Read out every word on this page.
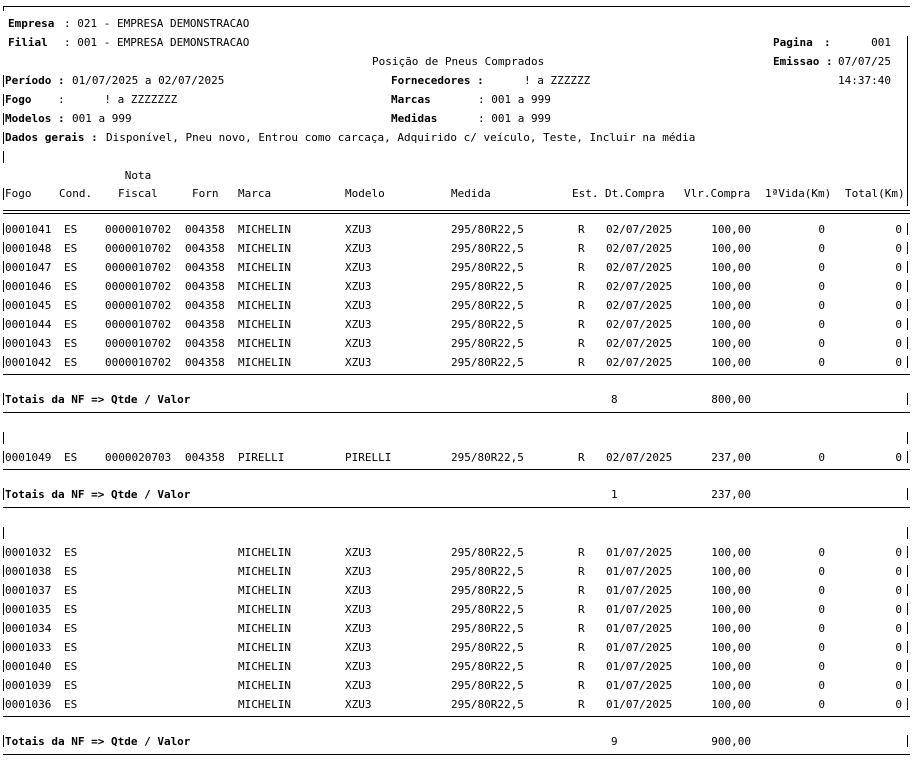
Empresa : 021 - EMPRESA DEMONSTRACAO
Filial : 001 - EMPRESA DEMONSTRACAO	Pagina :	001
Posição de Pneus Comprados	Emissao : 07/07/25
Período : 01/07/2025 a 02/07/2025	Fornecedores :	! a ZZZZZZ	14:37:40
Fogo :      ! a ZZZZZZZ	Marcas	: 001 a 999
Modelos : 001 a 999	Medidas	: 001 a 999
Dados gerais : Disponível, Pneu novo, Entrou como carcaça, Adquirido c/ veículo, Teste, Incluir na média
Nota
Fogo	Cond. Fiscal	Forn Marca	Modelo	Medida	Est. Dt.Compra Vlr.Compra 1ªVida(Km) Total(Km)
0001041 ES	0000010702 004358 MICHELIN	XZU3	295/80R22,5	R 02/07/2025	100,00	0	0
0001048 ES	0000010702 004358 MICHELIN	XZU3	295/80R22,5	R 02/07/2025	100,00	0	0
0001047 ES	0000010702 004358 MICHELIN	XZU3	295/80R22,5	R 02/07/2025	100,00	0	0
0001046 ES	0000010702 004358 MICHELIN	XZU3	295/80R22,5	R 02/07/2025	100,00	0	0
0001045 ES	0000010702 004358 MICHELIN	XZU3	295/80R22,5	R 02/07/2025	100,00	0	0
0001044 ES	0000010702 004358 MICHELIN	XZU3	295/80R22,5	R 02/07/2025	100,00	0	0
0001043 ES	0000010702 004358 MICHELIN	XZU3	295/80R22,5	R 02/07/2025	100,00	0	0
0001042 ES	0000010702 004358 MICHELIN	XZU3	295/80R22,5	R 02/07/2025	100,00	0	0
Totais da NF => Qtde / Valor	8	800,00
0001049 ES	0000020703 004358 PIRELLI	PIRELLI	295/80R22,5	R 02/07/2025	237,00	0	0
Totais da NF => Qtde / Valor	1	237,00
0001032 ES	MICHELIN	XZU3	295/80R22,5	R 01/07/2025	100,00	0	0
0001038 ES	MICHELIN	XZU3	295/80R22,5	R 01/07/2025	100,00	0	0
0001037 ES	MICHELIN	XZU3	295/80R22,5	R 01/07/2025	100,00	0	0
0001035 ES	MICHELIN	XZU3	295/80R22,5	R 01/07/2025	100,00	0	0
0001034 ES	MICHELIN	XZU3	295/80R22,5	R 01/07/2025	100,00	0	0
0001033 ES	MICHELIN	XZU3	295/80R22,5	R 01/07/2025	100,00	0	0
0001040 ES	MICHELIN	XZU3	295/80R22,5	R 01/07/2025	100,00	0	0
0001039 ES	MICHELIN	XZU3	295/80R22,5	R 01/07/2025	100,00	0	0
0001036 ES	MICHELIN	XZU3	295/80R22,5	R 01/07/2025	100,00	0	0
Totais da NF => Qtde / Valor	9	900,00
